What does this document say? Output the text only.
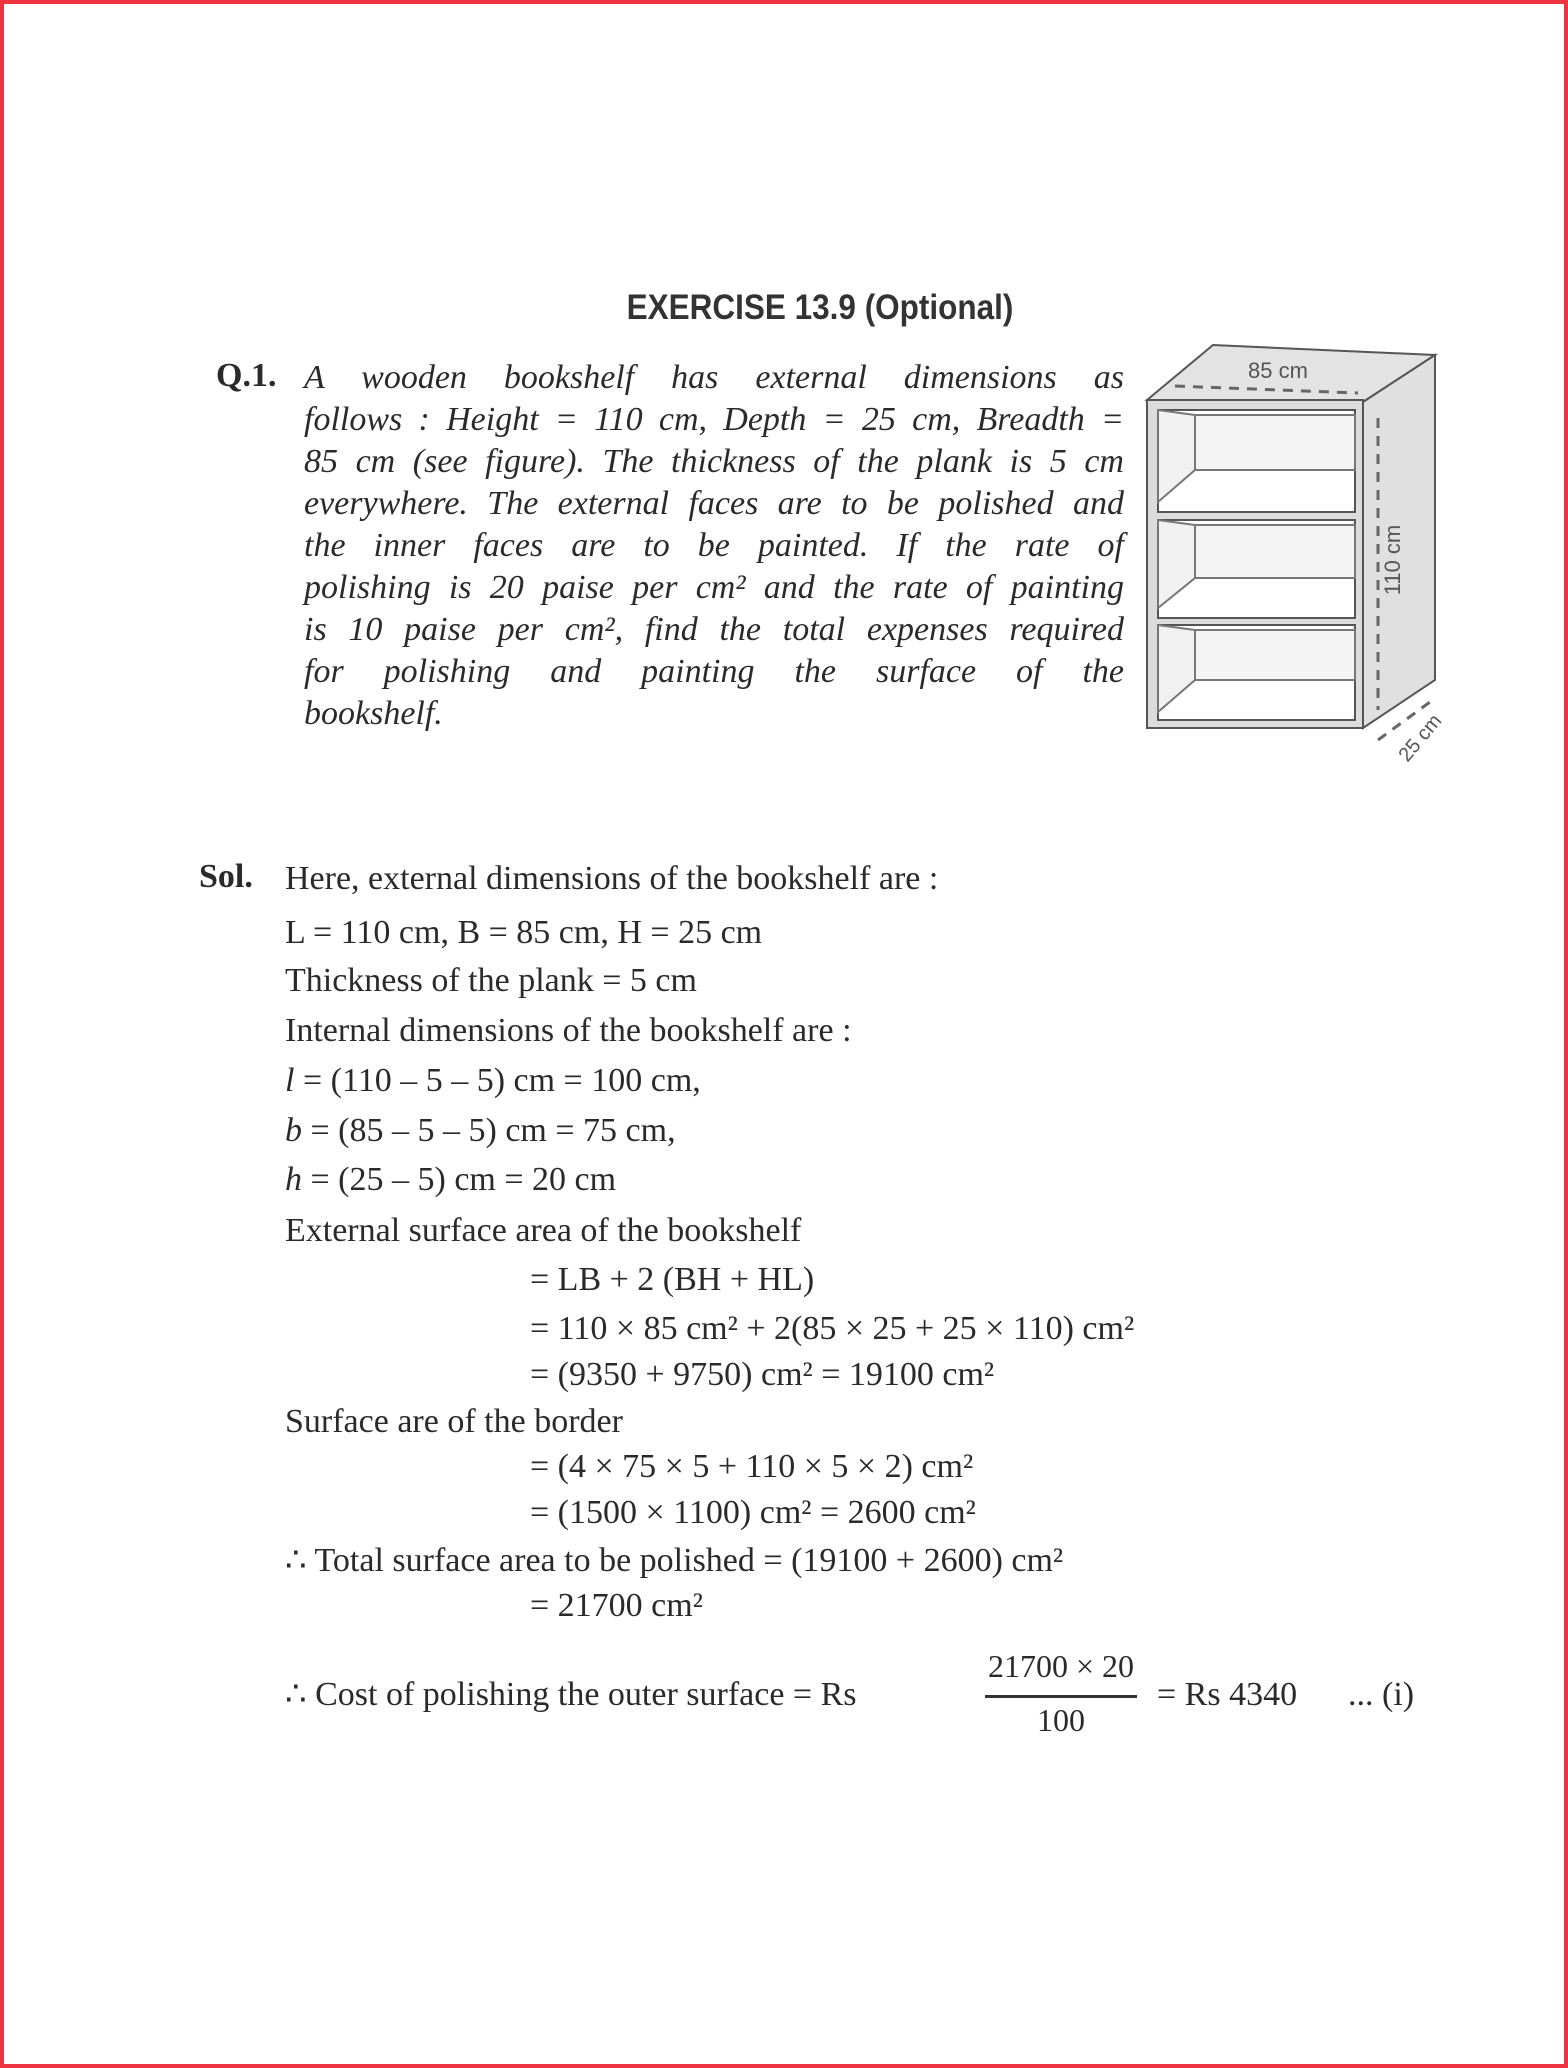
EXERCISE 13.9 (Optional)
Q.1. A wooden bookshelf has external dimensions as
follows : Height = 110 cm, Depth = 25 cm, Breadth =
85 cm (see figure). The thickness of the plank is 5 cm
everywhere. The external faces are to be polished and
the inner faces are to be painted. If the rate of
polishing is 20 paise per cm² and the rate of painting
is 10 paise per cm², find the total expenses required
for polishing and painting the surface of the
bookshelf.
85 cm
110 cm
25 cm
Sol. Here, external dimensions of the bookshelf are :
L = 110 cm, B = 85 cm, H = 25 cm
Thickness of the plank = 5 cm
Internal dimensions of the bookshelf are :
l = (110 – 5 – 5) cm = 100 cm,
b = (85 – 5 – 5) cm = 75 cm,
h = (25 – 5) cm = 20 cm
External surface area of the bookshelf
= LB + 2 (BH + HL)
= 110 × 85 cm² + 2(85 × 25 + 25 × 110) cm²
= (9350 + 9750) cm² = 19100 cm²
Surface are of the border
= (4 × 75 × 5 + 110 × 5 × 2) cm²
= (1500 × 1100) cm² = 2600 cm²
∴ Total surface area to be polished = (19100 + 2600) cm²
= 21700 cm²
∴ Cost of polishing the outer surface = Rs
21700 × 20
100
= Rs 4340 ... (i)
